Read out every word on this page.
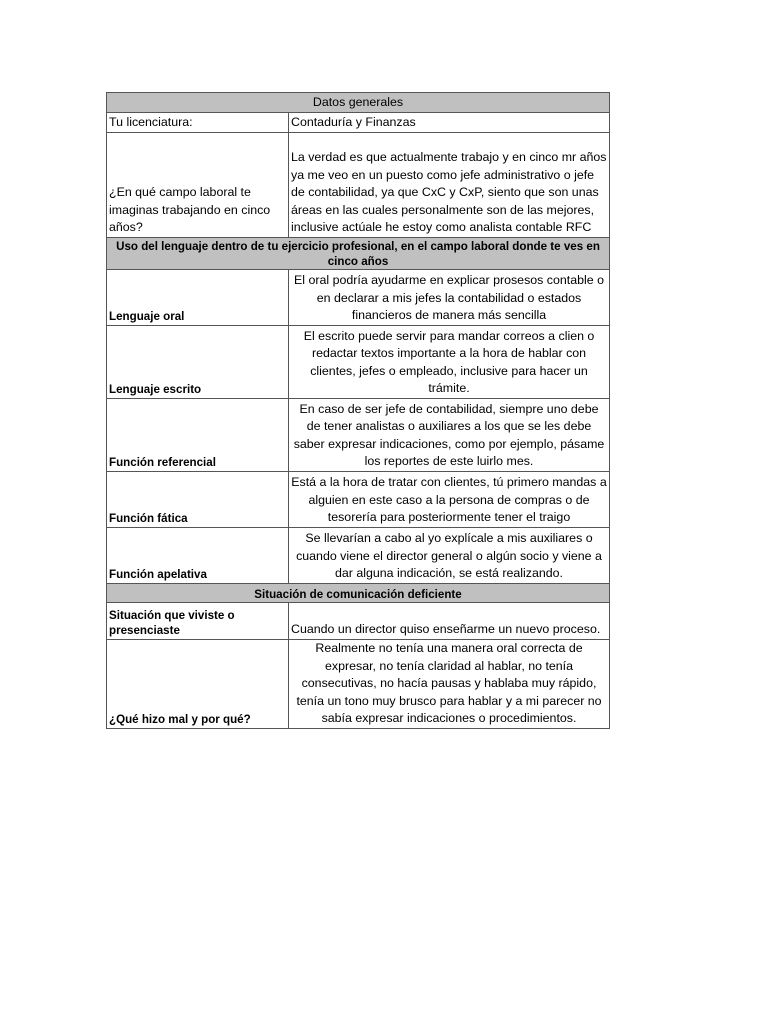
Datos generales	
Tu licenciatura:	Contaduría y Finanzas
¿En qué campo laboral te imaginas trabajando en cinco años?	La verdad es que actualmente trabajo y en cinco mr años ya me veo en un puesto como jefe administrativo o jefe de contabilidad, ya que CxC y CxP, siento que son unas áreas en las cuales personalmente son de las mejores, inclusive actúale he estoy como analista contable RFC
Uso del lenguaje dentro de tu ejercicio profesional, en el campo laboral donde te ves en cinco años	
Lenguaje oral	El oral podría ayudarme en explicar prosesos contable o en declarar a mis jefes la contabilidad o estados financieros de manera más sencilla
Lenguaje escrito	El escrito puede servir para mandar correos a clien o redactar textos importante a la hora de hablar con clientes, jefes o empleado, inclusive para hacer un trámite.
Función referencial	En caso de ser jefe de contabilidad, siempre uno debe de tener analistas o auxiliares a los que se les debe saber expresar indicaciones, como por ejemplo, pásame los reportes de este luirlo mes.
Función fática	Está a la hora de tratar con clientes, tú primero mandas a alguien en este caso a la persona de compras o de tesorería para posteriormente tener el traigo
Función apelativa	Se llevarían a cabo al yo explícale a mis auxiliares o cuando viene el director general o algún socio y viene a dar alguna indicación, se está realizando.
Situación de comunicación deficiente	
Situación que viviste o presenciaste	Cuando un director quiso enseñarme un nuevo proceso.
¿Qué hizo mal y por qué?	Realmente no tenía una manera oral correcta de expresar, no tenía claridad al hablar, no tenía consecutivas, no hacía pausas y hablaba muy rápido, tenía un tono muy brusco para hablar y a mi parecer no sabía expresar indicaciones o procedimientos.
